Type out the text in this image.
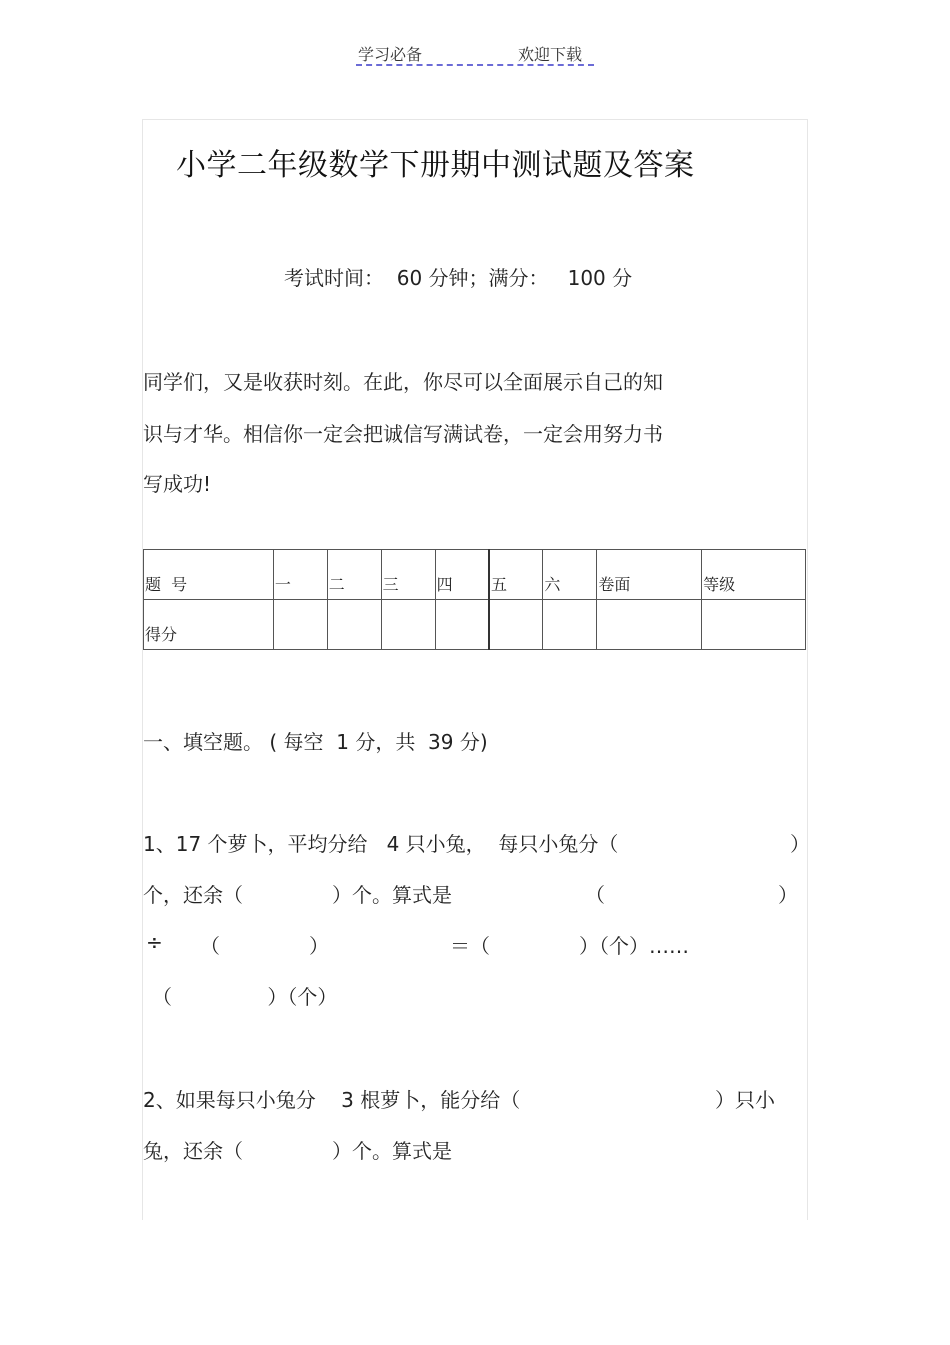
学习必备	欢迎下载
小学二年级数学下册期中测试题及答案
考试时间：  60 分钟；满分：   100 分
同学们，又是收获时刻。在此，你尽可以全面展示自己的知
识与才华。相信你一定会把诚信写满试卷，一定会用努力书
写成功!
题  号	一	二	三	四	五	六	卷面	等级
得分								
一、填空题。 ( 每空  1 分，共  39 分)
1、17 个萝卜，平均分给   4 只小兔，  每只小兔分（	）
个，还余（              ）个。算式是	（	）
÷ （              ）	＝（              ）（个）……
（               ）（个）
2、如果每只小兔分    3 根萝卜，能分给（	）只小
兔，还余（              ）个。算式是
